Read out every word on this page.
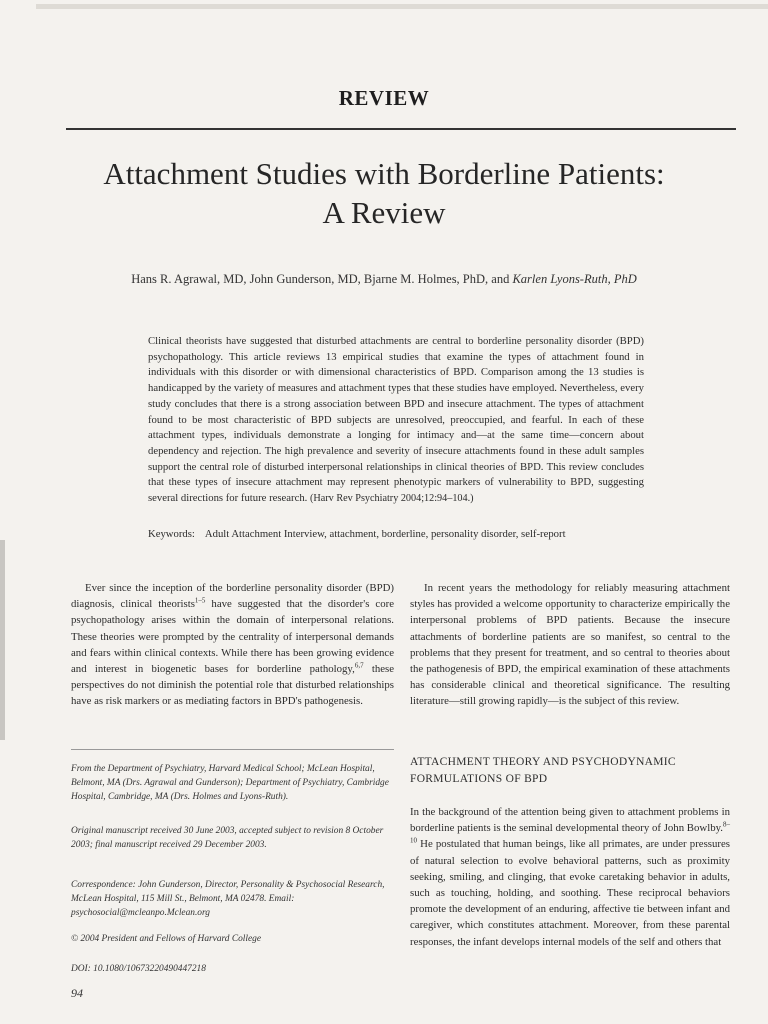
REVIEW
Attachment Studies with Borderline Patients:
A Review
Hans R. Agrawal, MD, John Gunderson, MD, Bjarne M. Holmes, PhD, and Karlen Lyons-Ruth, PhD
Clinical theorists have suggested that disturbed attachments are central to borderline personality disorder (BPD) psychopathology. This article reviews 13 empirical studies that examine the types of attachment found in individuals with this disorder or with dimensional characteristics of BPD. Comparison among the 13 studies is handicapped by the variety of measures and attachment types that these studies have employed. Nevertheless, every study concludes that there is a strong association between BPD and insecure attachment. The types of attachment found to be most characteristic of BPD subjects are unresolved, preoccupied, and fearful. In each of these attachment types, individuals demonstrate a longing for intimacy and—at the same time—concern about dependency and rejection. The high prevalence and severity of insecure attachments found in these adult samples support the central role of disturbed interpersonal relationships in clinical theories of BPD. This review concludes that these types of insecure attachment may represent phenotypic markers of vulnerability to BPD, suggesting several directions for future research. (Harv Rev Psychiatry 2004;12:94–104.)
Keywords: Adult Attachment Interview, attachment, borderline, personality disorder, self-report
Ever since the inception of the borderline personality disorder (BPD) diagnosis, clinical theorists$^{1-5}$ have suggested that the disorder's core psychopathology arises within the domain of interpersonal relations. These theories were prompted by the centrality of interpersonal demands and fears within clinical contexts. While there has been growing evidence and interest in biogenetic bases for borderline pathology,$^{6,7}$ these perspectives do not diminish the potential role that disturbed relationships have as risk markers or as mediating factors in BPD's pathogenesis.
From the Department of Psychiatry, Harvard Medical School; McLean Hospital, Belmont, MA (Drs. Agrawal and Gunderson); Department of Psychiatry, Cambridge Hospital, Cambridge, MA (Drs. Holmes and Lyons-Ruth).
Original manuscript received 30 June 2003, accepted subject to revision 8 October 2003; final manuscript received 29 December 2003.
Correspondence: John Gunderson, Director, Personality & Psychosocial Research, McLean Hospital, 115 Mill St., Belmont, MA 02478. Email: psychosocial@mcleanpo.Mclean.org
© 2004 President and Fellows of Harvard College
DOI: 10.1080/10673220490447218
94
In recent years the methodology for reliably measuring attachment styles has provided a welcome opportunity to characterize empirically the interpersonal problems of BPD patients. Because the insecure attachments of borderline patients are so manifest, so central to the problems that they present for treatment, and so central to theories about the pathogenesis of BPD, the empirical examination of these attachments has considerable clinical and theoretical significance. The resulting literature—still growing rapidly—is the subject of this review.
ATTACHMENT THEORY AND PSYCHODYNAMIC FORMULATIONS OF BPD
In the background of the attention being given to attachment problems in borderline patients is the seminal developmental theory of John Bowlby.$^{8-10}$ He postulated that human beings, like all primates, are under pressures of natural selection to evolve behavioral patterns, such as proximity seeking, smiling, and clinging, that evoke caretaking behavior in adults, such as touching, holding, and soothing. These reciprocal behaviors promote the development of an enduring, affective tie between infant and caregiver, which constitutes attachment. Moreover, from these parental responses, the infant develops internal models of the self and others that
